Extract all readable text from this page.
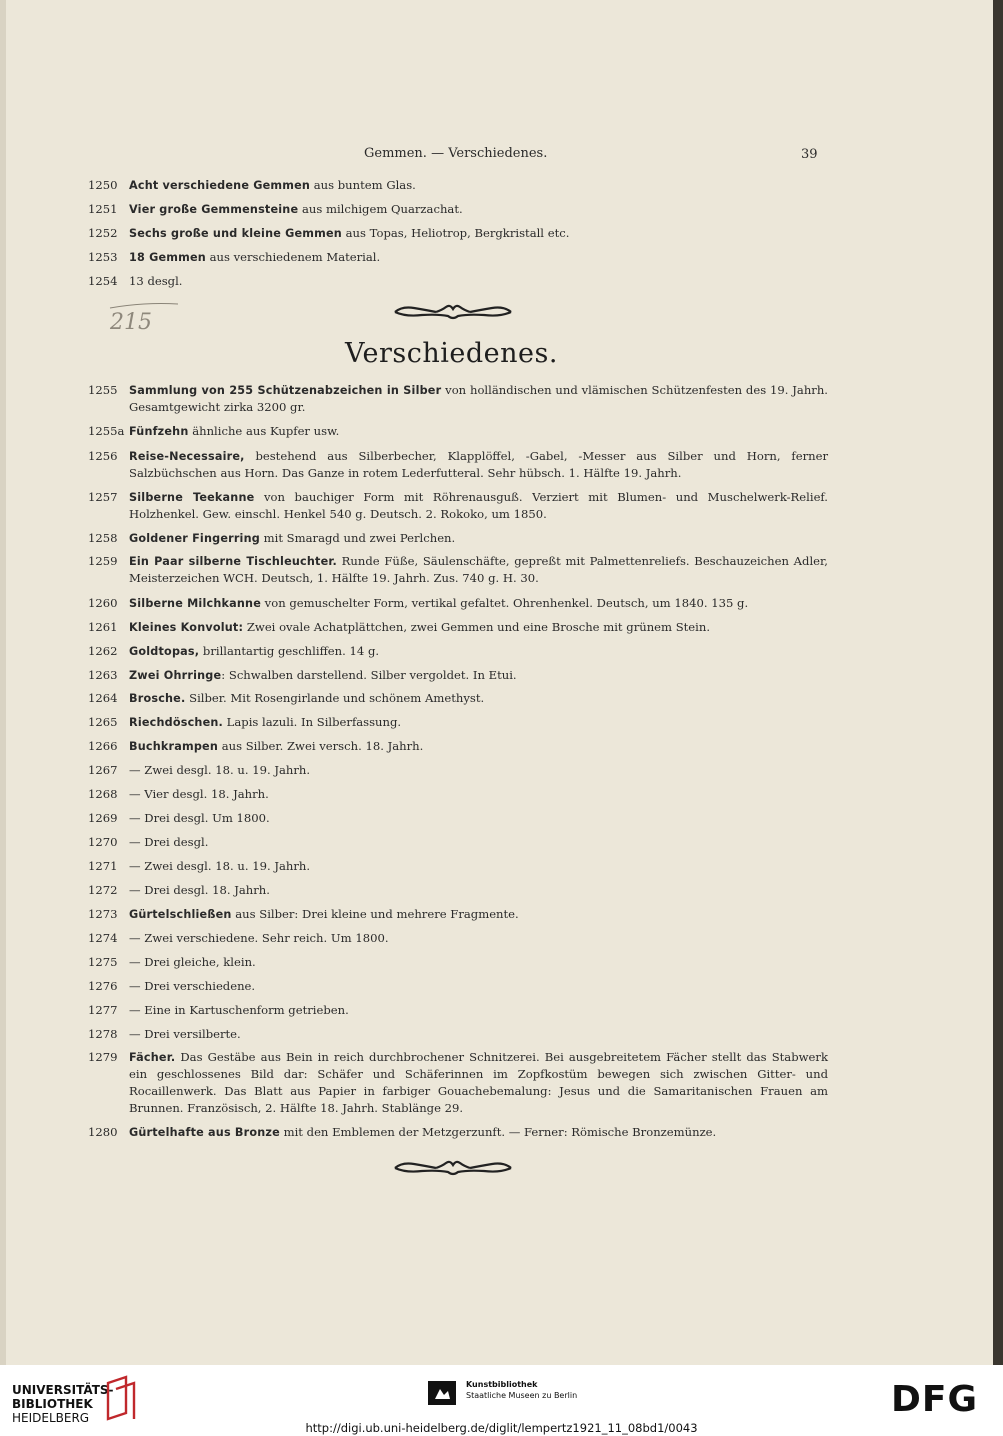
Gemmen. — Verschiedenes.	39
1250 Acht verschiedene Gemmen aus buntem Glas.
1251 Vier große Gemmensteine aus milchigem Quarzachat.
1252 Sechs große und kleine Gemmen aus Topas, Heliotrop, Bergkristall etc.
1253 18 Gemmen aus verschiedenem Material.
1254 13 desgl.
1255 Sammlung von 255 Schützenabzeichen in Silber von holländischen und vlämischen Schützenfesten des 19. Jahrh. Gesamtgewicht zirka 3200 gr.
1255a Fünfzehn ähnliche aus Kupfer usw.
1256 Reise-Necessaire, bestehend aus Silberbecher, Klapplöffel, -Gabel, -Messer aus Silber und Horn, ferner Salzbüchschen aus Horn. Das Ganze in rotem Lederfutteral. Sehr hübsch. 1. Hälfte 19. Jahrh.
1257 Silberne Teekanne von bauchiger Form mit Röhrenausguß. Verziert mit Blumen- und Muschelwerk-Relief. Holzhenkel. Gew. einschl. Henkel 540 g. Deutsch. 2. Rokoko, um 1850.
1258 Goldener Fingerring mit Smaragd und zwei Perlchen.
1259 Ein Paar silberne Tischleuchter. Runde Füße, Säulenschäfte, gepreßt mit Palmettenreliefs. Beschauzeichen Adler, Meisterzeichen WCH. Deutsch, 1. Hälfte 19. Jahrh. Zus. 740 g. H. 30.
1260 Silberne Milchkanne von gemuschelter Form, vertikal gefaltet. Ohrenhenkel. Deutsch, um 1840. 135 g.
1261 Kleines Konvolut: Zwei ovale Achatplättchen, zwei Gemmen und eine Brosche mit grünem Stein.
1262 Goldtopas, brillantartig geschliffen. 14 g.
1263 Zwei Ohrringe: Schwalben darstellend. Silber vergoldet. In Etui.
1264 Brosche. Silber. Mit Rosengirlande und schönem Amethyst.
1265 Riechdöschen. Lapis lazuli. In Silberfassung.
1266 Buchkrampen aus Silber. Zwei versch. 18. Jahrh.
1267 — Zwei desgl. 18. u. 19. Jahrh.
1268 — Vier desgl. 18. Jahrh.
1269 — Drei desgl. Um 1800.
1270 — Drei desgl.
1271 — Zwei desgl. 18. u. 19. Jahrh.
1272 — Drei desgl. 18. Jahrh.
1273 Gürtelschließen aus Silber: Drei kleine und mehrere Fragmente.
1274 — Zwei verschiedene. Sehr reich. Um 1800.
1275 — Drei gleiche, klein.
1276 — Drei verschiedene.
1277 — Eine in Kartuschenform getrieben.
1278 — Drei versilberte.
1279 Fächer. Das Gestäbe aus Bein in reich durchbrochener Schnitzerei. Bei ausgebreitetem Fächer stellt das Stabwerk ein geschlossenes Bild dar: Schäfer und Schäferinnen im Zopfkostüm bewegen sich zwischen Gitter- und Rocaillenwerk. Das Blatt aus Papier in farbiger Gouachebemalung: Jesus und die Samaritanischen Frauen am Brunnen. Französisch, 2. Hälfte 18. Jahrh. Stablänge 29.
1280 Gürtelhafte aus Bronze mit den Emblemen der Metzgerzunft. — Ferner: Römische Bronzemünze.
215
Verschiedenes.
UNIVERSITÄTS-
BIBLIOTHEK
HEIDELBERG
Kunstbibliothek
Staatliche Museen zu Berlin	DFG
http://digi.ub.uni-heidelberg.de/diglit/lempertz1921_11_08bd1/0043
